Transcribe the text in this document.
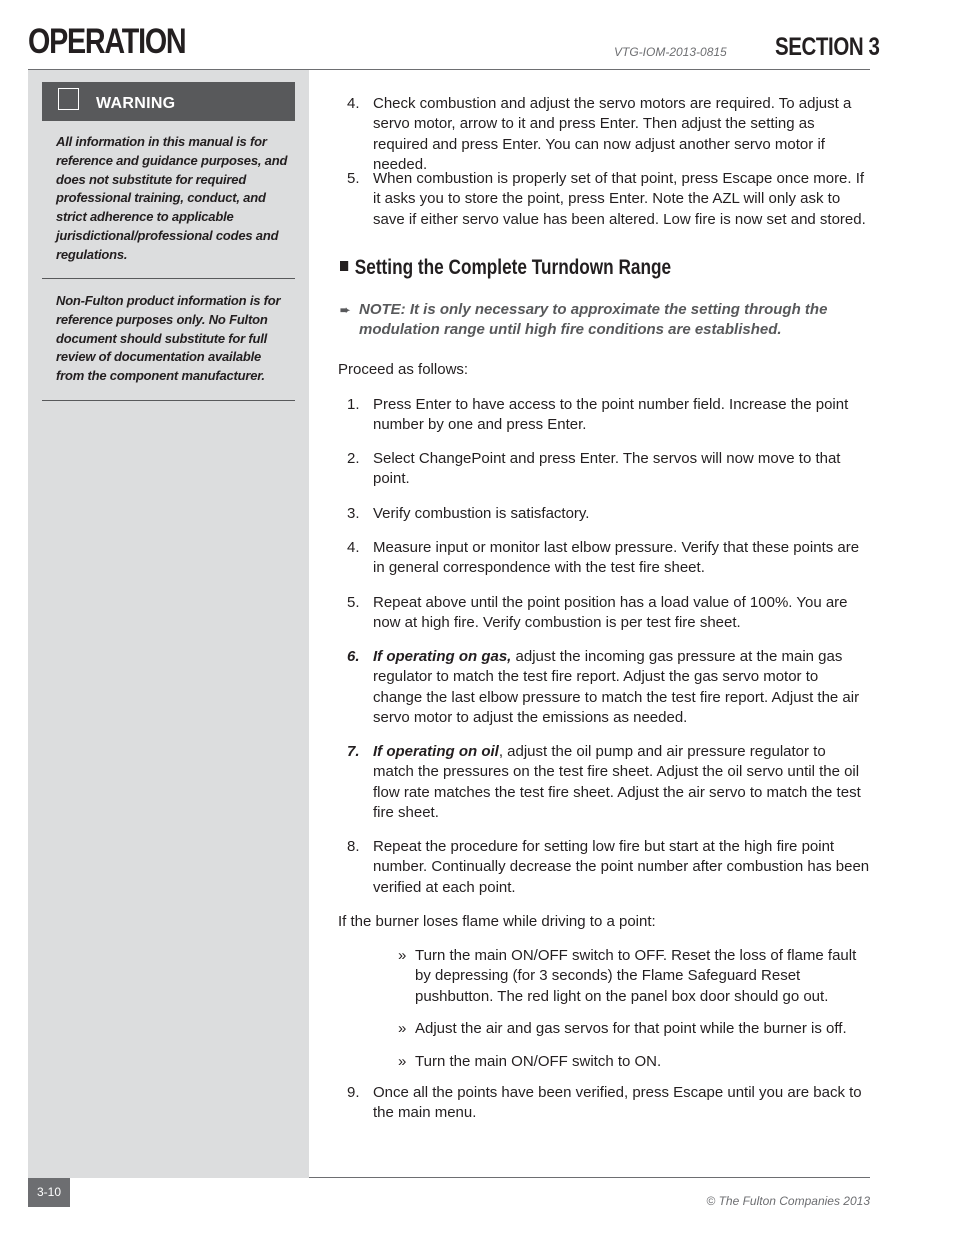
OPERATION	VTG-IOM-2013-0815 SECTION 3
WARNING
All information in this manual is for reference and guidance purposes, and does not substitute for required professional training, conduct, and strict adherence to applicable jurisdictional/professional codes and regulations.
Non-Fulton product information is for reference purposes only. No Fulton document should substitute for full review of documentation available from the component manufacturer.
4. Check combustion and adjust the servo motors are required. To adjust a servo motor, arrow to it and press Enter. Then adjust the setting as required and press Enter. You can now adjust another servo motor if needed.
5. When combustion is properly set of that point, press Escape once more. If it asks you to store the point, press Enter. Note the AZL will only ask to save if either servo value has been altered. Low fire is now set and stored.
Setting the Complete Turndown Range
➨ NOTE: It is only necessary to approximate the setting through the modulation range until high fire conditions are established.
Proceed as follows:
1. Press Enter to have access to the point number field. Increase the point number by one and press Enter.
2. Select ChangePoint and press Enter. The servos will now move to that point.
3. Verify combustion is satisfactory.
4. Measure input or monitor last elbow pressure. Verify that these points are in general correspondence with the test fire sheet.
5. Repeat above until the point position has a load value of 100%. You are now at high fire. Verify combustion is per test fire sheet.
6. If operating on gas, adjust the incoming gas pressure at the main gas regulator to match the test fire report. Adjust the gas servo motor to change the last elbow pressure to match the test fire report. Adjust the air servo motor to adjust the emissions as needed.
7. If operating on oil, adjust the oil pump and air pressure regulator to match the pressures on the test fire sheet. Adjust the oil servo until the oil flow rate matches the test fire sheet. Adjust the air servo to match the test fire sheet.
8. Repeat the procedure for setting low fire but start at the high fire point number. Continually decrease the point number after combustion has been verified at each point.
If the burner loses flame while driving to a point:
» Turn the main ON/OFF switch to OFF. Reset the loss of flame fault by depressing (for 3 seconds) the Flame Safeguard Reset pushbutton. The red light on the panel box door should go out.
» Adjust the air and gas servos for that point while the burner is off.
» Turn the main ON/OFF switch to ON.
9. Once all the points have been verified, press Escape until you are back to the main menu.
3-10
© The Fulton Companies 2013
